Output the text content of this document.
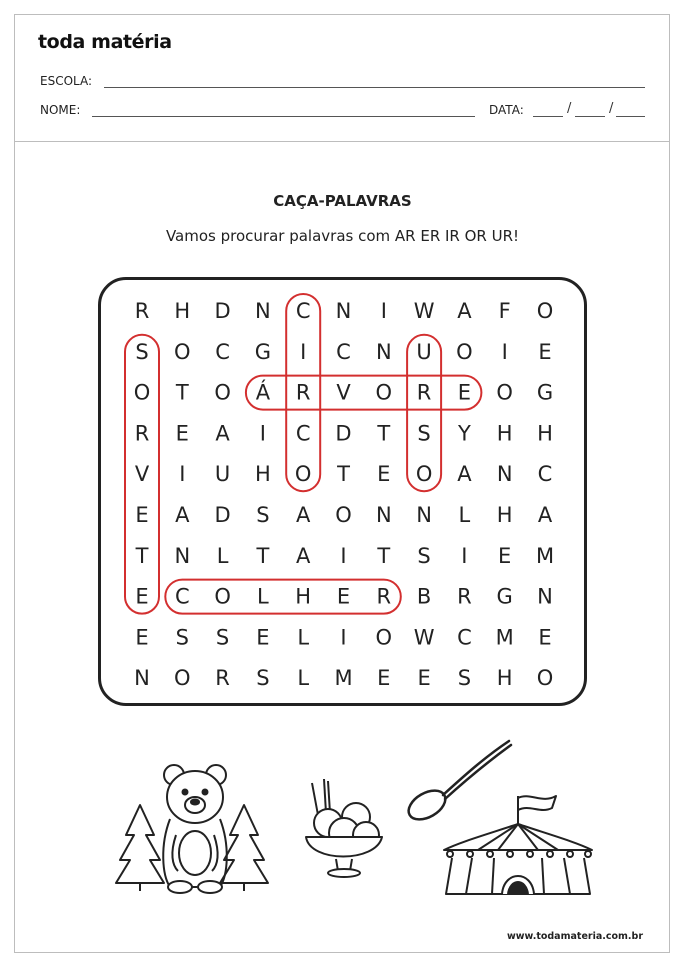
toda matéria
ESCOLA:
NOME:	DATA:	/	/
CAÇA-PALAVRAS
Vamos procurar palavras com AR ER IR OR UR!
R H D N C N I W A F O
S O C G I C N U O I E
O T O Á R V O R E O G
R E A I C D T S Y H H
V I U H O T E O A N C
E A D S A O N N L H A
T N L T A I T S I E M
E C O L H E R B R G N
E S S E L I O W C M E
N O R S L M E E S H O
www.todamateria.com.br
